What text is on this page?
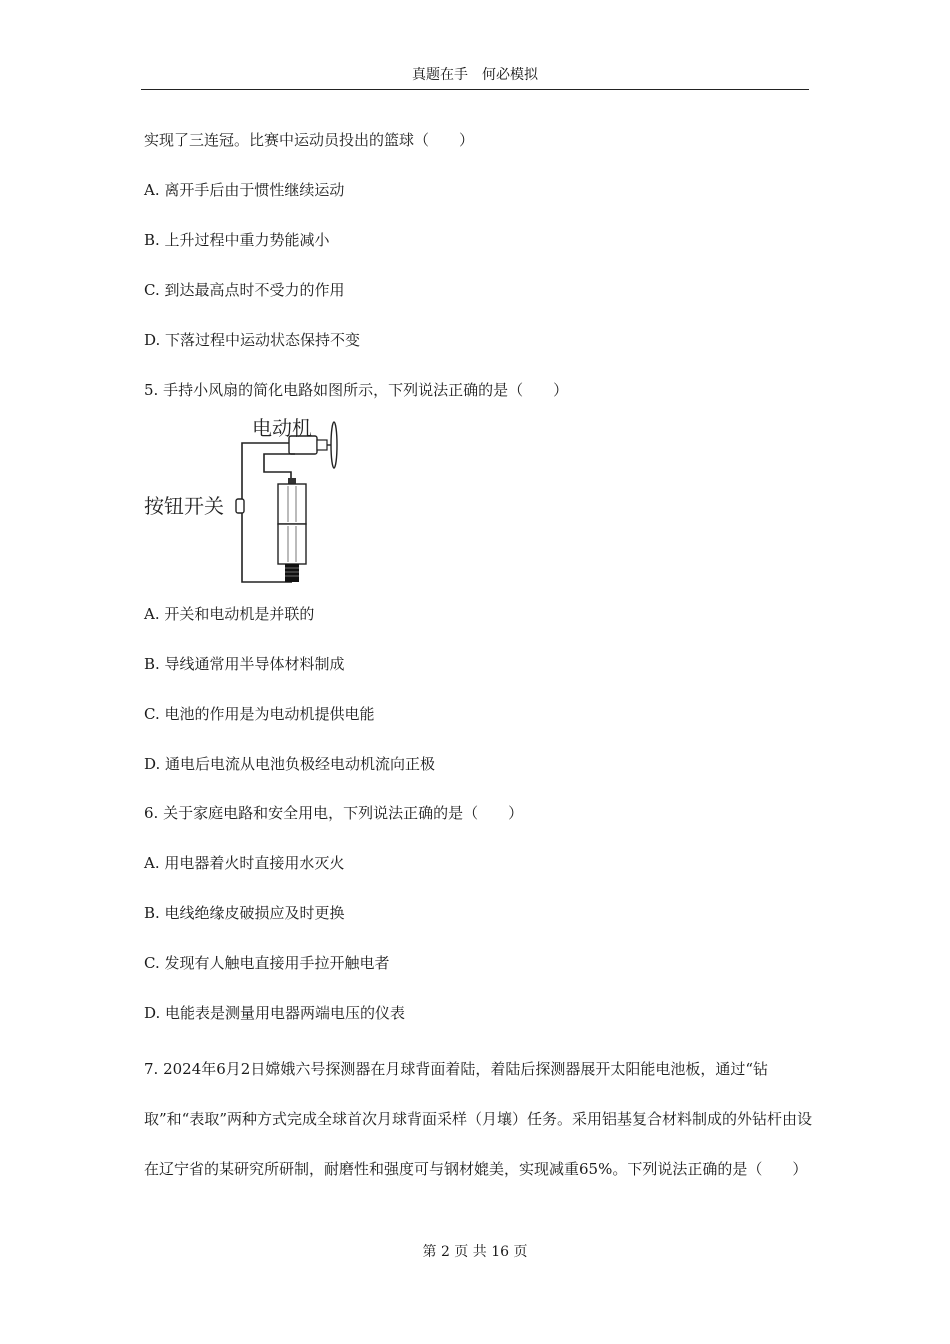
真题在手　何必模拟
实现了三连冠。比赛中运动员投出的篮球（　　）
A. 离开手后由于惯性继续运动
B. 上升过程中重力势能减小
C. 到达最高点时不受力的作用
D. 下落过程中运动状态保持不变
5. 手持小风扇的简化电路如图所示，下列说法正确的是（　　）
电动机
按钮开关
A. 开关和电动机是并联的
B. 导线通常用半导体材料制成
C. 电池的作用是为电动机提供电能
D. 通电后电流从电池负极经电动机流向正极
6. 关于家庭电路和安全用电，下列说法正确的是（　　）
A. 用电器着火时直接用水灭火
B. 电线绝缘皮破损应及时更换
C. 发现有人触电直接用手拉开触电者
D. 电能表是测量用电器两端电压的仪表
7. 2024年6月2日嫦娥六号探测器在月球背面着陆，着陆后探测器展开太阳能电池板，通过“钻取”和“表取”两种方式完成全球首次月球背面采样（月壤）任务。采用铝基复合材料制成的外钻杆由设在辽宁省的某研究所研制，耐磨性和强度可与钢材媲美，实现减重65%。下列说法正确的是（　　）
第 2 页 共 16 页
